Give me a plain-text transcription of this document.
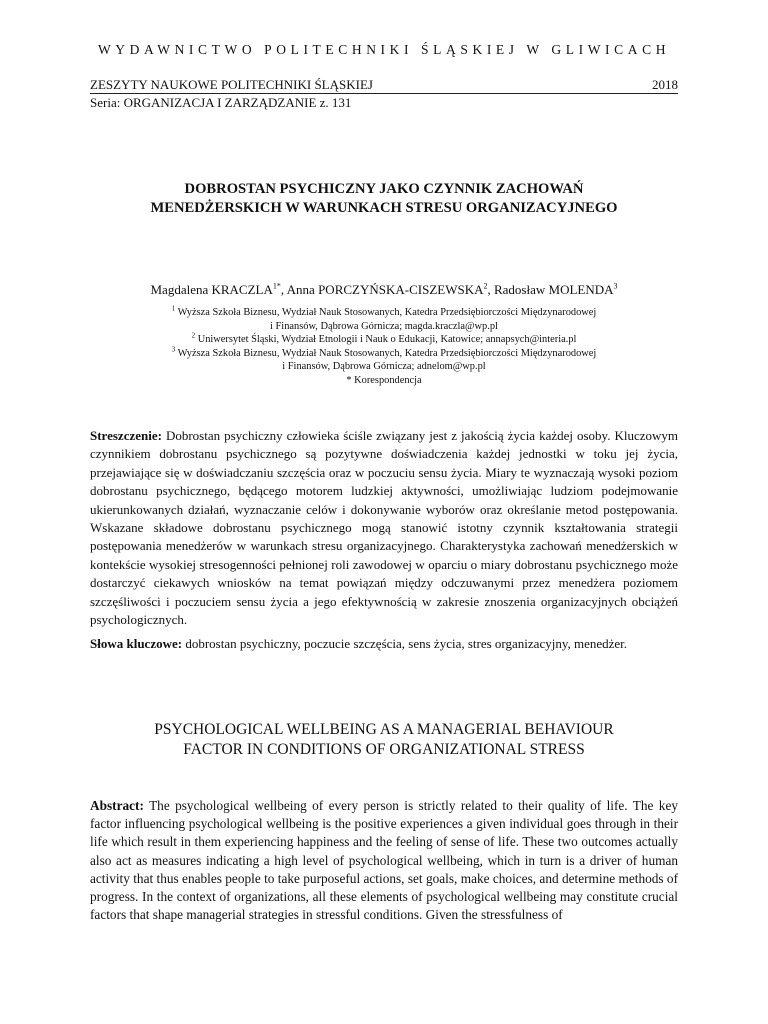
WYDAWNICTWO POLITECHNIKI ŚLĄSKIEJ W GLIWICACH
ZESZYTY NAUKOWE POLITECHNIKI ŚLĄSKIEJ	2018
Seria: ORGANIZACJA I ZARZĄDZANIE z. 131
DOBROSTAN PSYCHICZNY JAKO CZYNNIK ZACHOWAŃ
MENEDŻERSKICH W WARUNKACH STRESU ORGANIZACYJNEGO
Magdalena $KRACZLA^{1*}$, Anna PORCZYŃSKA-CISZEWSKA$^2$, Radosław MOLENDA$^3$
$^1$ Wyższa Szkoła Biznesu, Wydział Nauk Stosowanych, Katedra Przedsiębiorczości Międzynarodowej
i Finansów, Dąbrowa Górnicza; magda.kraczla@wp.pl
$^2$ Uniwersytet Śląski, Wydział Etnologii i Nauk o Edukacji, Katowice; annapsych@interia.pl
$^3$ Wyższa Szkoła Biznesu, Wydział Nauk Stosowanych, Katedra Przedsiębiorczości Międzynarodowej
i Finansów, Dąbrowa Górnicza; adnelom@wp.pl
* Korespondencja
Streszczenie: Dobrostan psychiczny człowieka ściśle związany jest z jakością życia każdej osoby. Kluczowym czynnikiem dobrostanu psychicznego są pozytywne doświadczenia każdej jednostki w toku jej życia, przejawiające się w doświadczaniu szczęścia oraz w poczuciu sensu życia. Miary te wyznaczają wysoki poziom dobrostanu psychicznego, będącego motorem ludzkiej aktywności, umożliwiając ludziom podejmowanie ukierunkowanych działań, wyznaczanie celów i dokonywanie wyborów oraz określanie metod postępowania. Wskazane składowe dobrostanu psychicznego mogą stanowić istotny czynnik kształtowania strategii postępowania menedżerów w warunkach stresu organizacyjnego. Charakterystyka zachowań menedżerskich w kontekście wysokiej stresogenności pełnionej roli zawodowej w oparciu o miary dobrostanu psychicznego może dostarczyć ciekawych wniosków na temat powiązań między odczuwanymi przez menedżera poziomem szczęśliwości i poczuciem sensu życia a jego efektywnością w zakresie znoszenia organizacyjnych obciążeń psychologicznych.
Słowa kluczowe: dobrostan psychiczny, poczucie szczęścia, sens życia, stres organizacyjny, menedżer.
PSYCHOLOGICAL WELLBEING AS A MANAGERIAL BEHAVIOUR
FACTOR IN CONDITIONS OF ORGANIZATIONAL STRESS
Abstract: The psychological wellbeing of every person is strictly related to their quality of life. The key factor influencing psychological wellbeing is the positive experiences a given individual goes through in their life which result in them experiencing happiness and the feeling of sense of life. These two outcomes actually also act as measures indicating a high level of psychological wellbeing, which in turn is a driver of human activity that thus enables people to take purposeful actions, set goals, make choices, and determine methods of progress. In the context of organizations, all these elements of psychological wellbeing may constitute crucial factors that shape managerial strategies in stressful conditions. Given the stressfulness of
